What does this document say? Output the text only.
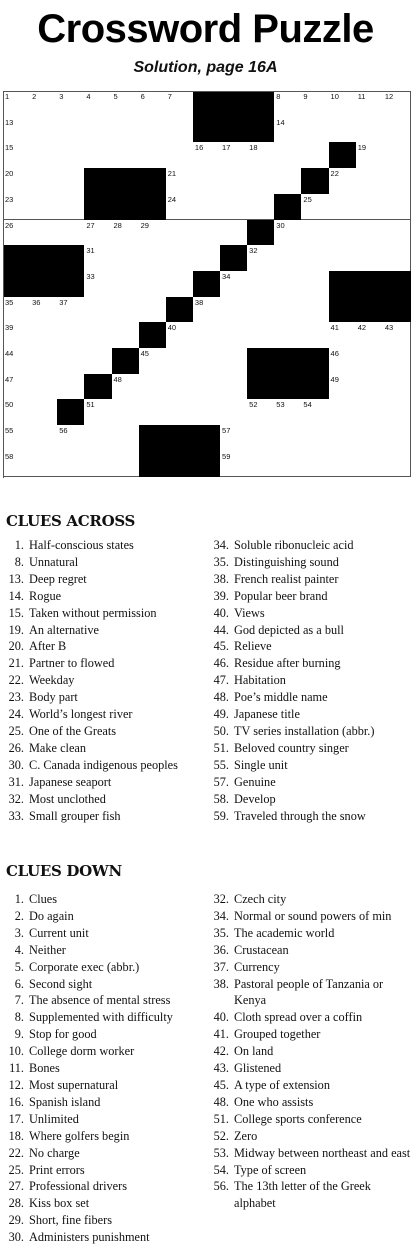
Crossword Puzzle
Solution, page 16A
1	2	3	4	5	6	7	8	9	10	11	12
13	14
15	16	17	18	19
20	21	22
23	24	25
26	27	28	29	30
31	32
33	34
35	36	37	38
39	40	41	42	43
44	45	46
47	48	49
50	51	52	53	54
55	56	57
58	59
CLUES ACROSS
1. Half-conscious states
8. Unnatural
13. Deep regret
14. Rogue
15. Taken without permission
19. An alternative
20. After B
21. Partner to flowed
22. Weekday
23. Body part
24. World’s longest river
25. One of the Greats
26. Make clean
30. C. Canada indigenous peoples
31. Japanese seaport
32. Most unclothed
33. Small grouper fish
34. Soluble ribonucleic acid
35. Distinguishing sound
38. French realist painter
39. Popular beer brand
40. Views
44. God depicted as a bull
45. Relieve
46. Residue after burning
47. Habitation
48. Poe’s middle name
49. Japanese title
50. TV series installation (abbr.)
51. Beloved country singer
55. Single unit
57. Genuine
58. Develop
59. Traveled through the snow
CLUES DOWN
1. Clues
2. Do again
3. Current unit
4. Neither
5. Corporate exec (abbr.)
6. Second sight
7. The absence of mental stress
8. Supplemented with difficulty
9. Stop for good
10. College dorm worker
11. Bones
12. Most supernatural
16. Spanish island
17. Unlimited
18. Where golfers begin
22. No charge
25. Print errors
27. Professional drivers
28. Kiss box set
29. Short, fine fibers
30. Administers punishment
32. Czech city
34. Normal or sound powers of min
35. The academic world
36. Crustacean
37. Currency
38. Pastoral people of Tanzania or Kenya
40. Cloth spread over a coffin
41. Grouped together
42. On land
43. Glistened
45. A type of extension
48. One who assists
51. College sports conference
52. Zero
53. Midway between northeast and east
54. Type of screen
56. The 13th letter of the Greek alphabet
